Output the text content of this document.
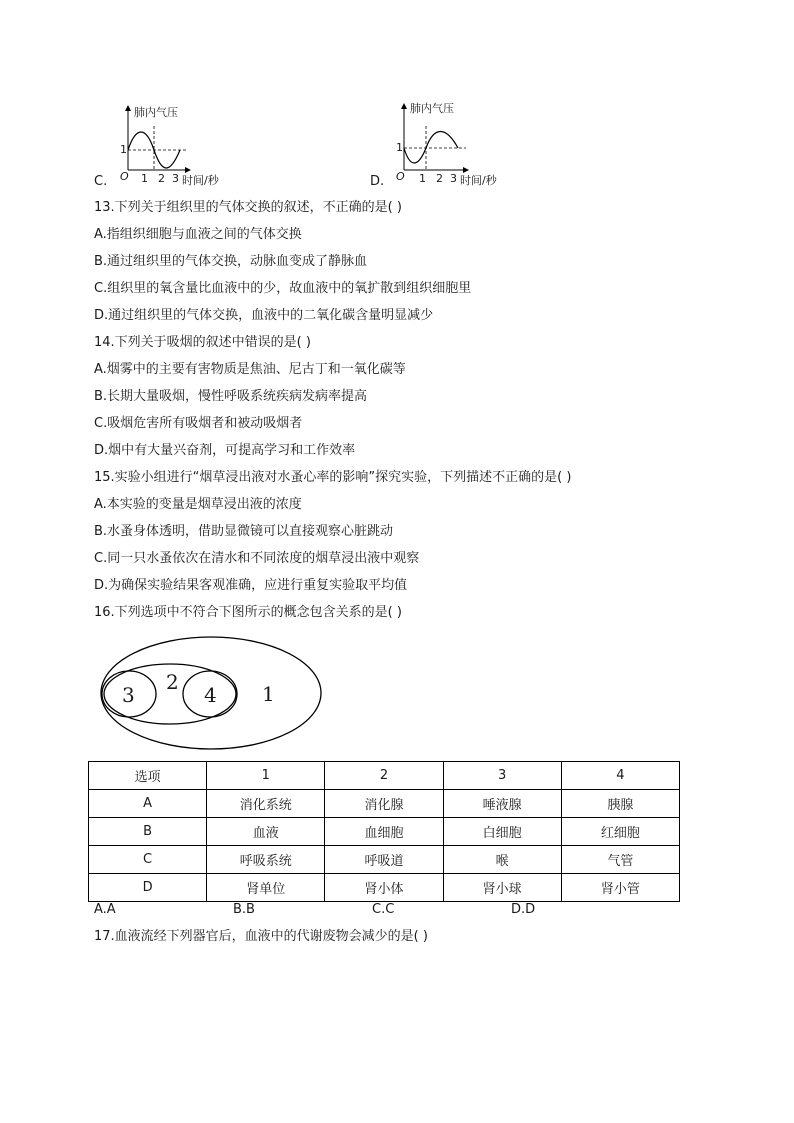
C.
肺内气压
1
O 1 2 3 时间/秒	D.
肺内气压
1
O 1 2 3 时间/秒
13.下列关于组织里的气体交换的叙述，不正确的是( )
A.指组织细胞与血液之间的气体交换
B.通过组织里的气体交换，动脉血变成了静脉血
C.组织里的氧含量比血液中的少，故血液中的氧扩散到组织细胞里
D.通过组织里的气体交换，血液中的二氧化碳含量明显减少
14.下列关于吸烟的叙述中错误的是( )
A.烟雾中的主要有害物质是焦油、尼古丁和一氧化碳等
B.长期大量吸烟，慢性呼吸系统疾病发病率提高
C.吸烟危害所有吸烟者和被动吸烟者
D.烟中有大量兴奋剂，可提高学习和工作效率
15.实验小组进行“烟草浸出液对水蚤心率的影响”探究实验，下列描述不正确的是( )
A.本实验的变量是烟草浸出液的浓度
B.水蚤身体透明，借助显微镜可以直接观察心脏跳动
C.同一只水蚤依次在清水和不同浓度的烟草浸出液中观察
D.为确保实验结果客观准确，应进行重复实验取平均值
16.下列选项中不符合下图所示的概念包含关系的是( )
1
2
3	4
选项	1	2	3	4
A	消化系统	消化腺	唾液腺	胰腺
B	血液	血细胞	白细胞	红细胞
C	呼吸系统	呼吸道	喉	气管
D	肾单位	肾小体	肾小球	肾小管
A.A	B.B	C.C	D.D
17.血液流经下列器官后，血液中的代谢废物会减少的是( )
